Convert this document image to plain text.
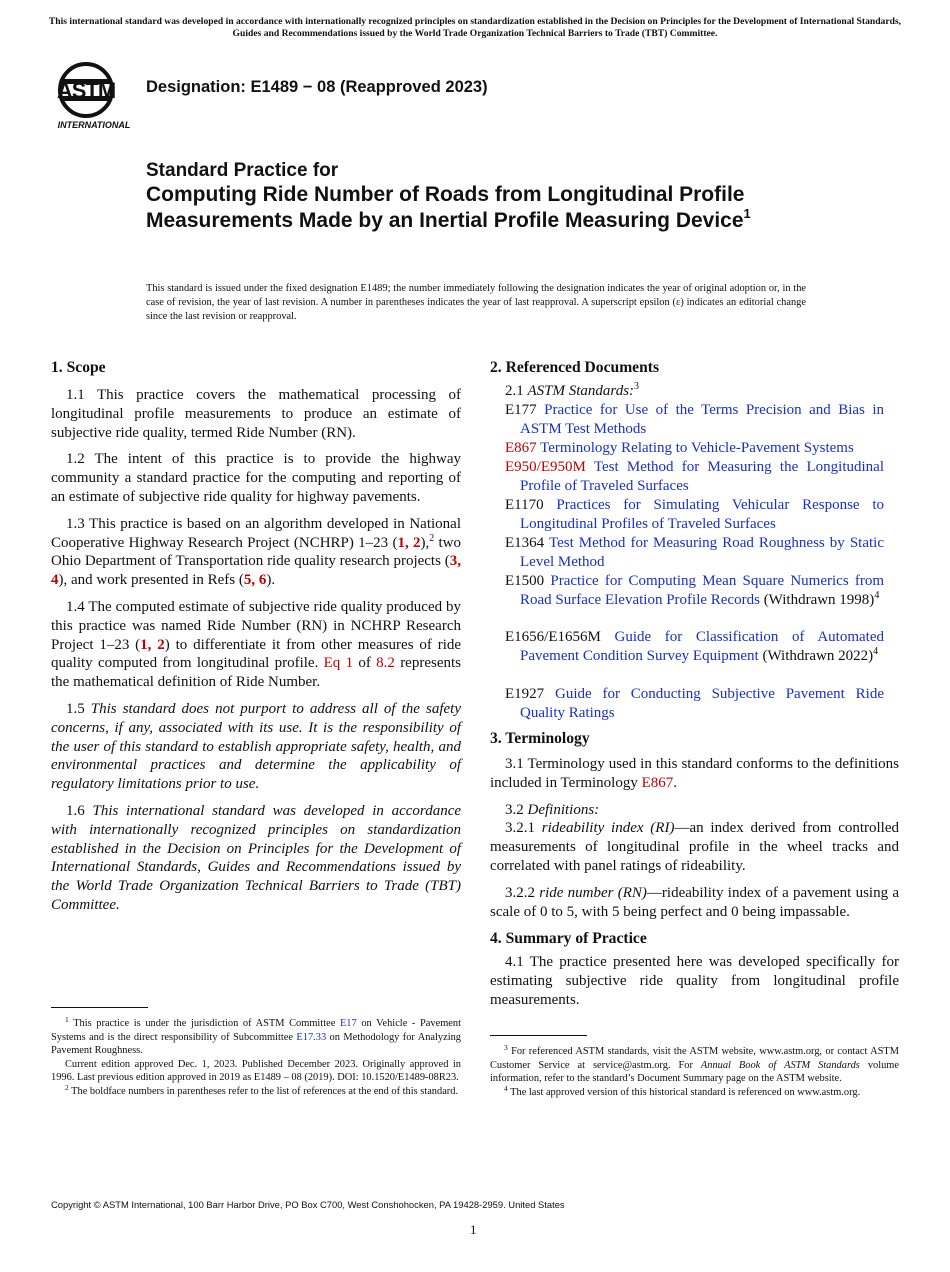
This international standard was developed in accordance with internationally recognized principles on standardization established in the Decision on Principles for the Development of International Standards, Guides and Recommendations issued by the World Trade Organization Technical Barriers to Trade (TBT) Committee.
ASTM
INTERNATIONAL
Designation: E1489 − 08 (Reapproved 2023)
Standard Practice for
Computing Ride Number of Roads from Longitudinal Profile Measurements Made by an Inertial Profile Measuring Device$^1$
This standard is issued under the fixed designation E1489; the number immediately following the designation indicates the year of original adoption or, in the case of revision, the year of last revision. A number in parentheses indicates the year of last reapproval. A superscript epsilon (ε) indicates an editorial change since the last revision or reapproval.
1. Scope

1.1 This practice covers the mathematical processing of longitudinal profile measurements to produce an estimate of subjective ride quality, termed Ride Number (RN).

1.2 The intent of this practice is to provide the highway community a standard practice for the computing and reporting of an estimate of subjective ride quality for highway pavements.

1.3 This practice is based on an algorithm developed in National Cooperative Highway Research Project (NCHRP) 1–23 (1, 2),$^2$ two Ohio Department of Transportation ride quality research projects (3, 4), and work presented in Refs (5, 6).

1.4 The computed estimate of subjective ride quality produced by this practice was named Ride Number (RN) in NCHRP Research Project 1–23 (1, 2) to differentiate it from other measures of ride quality computed from longitudinal profile. Eq 1 of 8.2 represents the mathematical definition of Ride Number.

1.5 This standard does not purport to address all of the safety concerns, if any, associated with its use. It is the responsibility of the user of this standard to establish appropriate safety, health, and environmental practices and determine the applicability of regulatory limitations prior to use.

1.6 This international standard was developed in accordance with internationally recognized principles on standardization established in the Decision on Principles for the Development of International Standards, Guides and Recommendations issued by the World Trade Organization Technical Barriers to Trade (TBT) Committee.

$^1$ This practice is under the jurisdiction of ASTM Committee E17 on Vehicle - Pavement Systems and is the direct responsibility of Subcommittee E17.33 on Methodology for Analyzing Pavement Roughness.

Current edition approved Dec. 1, 2023. Published December 2023. Originally approved in 1996. Last previous edition approved in 2019 as E1489 – 08 (2019). DOI: 10.1520/E1489-08R23.

$^2$ The boldface numbers in parentheses refer to the list of references at the end of this standard.

2. Referenced Documents
2.1 ASTM Standards:$^3$

E177 Practice for Use of the Terms Precision and Bias in ASTM Test Methods

E867 Terminology Relating to Vehicle-Pavement Systems

E950/E950M Test Method for Measuring the Longitudinal Profile of Traveled Surfaces

E1170 Practices for Simulating Vehicular Response to Longitudinal Profiles of Traveled Surfaces

E1364 Test Method for Measuring Road Roughness by Static Level Method

E1500 Practice for Computing Mean Square Numerics from Road Surface Elevation Profile Records (Withdrawn 1998)$^4$

E1656/E1656M Guide for Classification of Automated Pavement Condition Survey Equipment (Withdrawn 2022)$^4$

E1927 Guide for Conducting Subjective Pavement Ride Quality Ratings

3. Terminology

3.1 Terminology used in this standard conforms to the definitions included in Terminology E867.

3.2 Definitions:

3.2.1 rideability index (RI)—an index derived from controlled measurements of longitudinal profile in the wheel tracks and correlated with panel ratings of rideability.

3.2.2 ride number (RN)—rideability index of a pavement using a scale of 0 to 5, with 5 being perfect and 0 being impassable.

4. Summary of Practice

4.1 The practice presented here was developed specifically for estimating subjective ride quality from longitudinal profile measurements.

$^3$ For referenced ASTM standards, visit the ASTM website, www.astm.org, or contact ASTM Customer Service at service@astm.org. For Annual Book of ASTM Standards volume information, refer to the standard’s Document Summary page on the ASTM website.

$^4$ The last approved version of this historical standard is referenced on www.astm.org.

Copyright © ASTM International, 100 Barr Harbor Drive, PO Box C700, West Conshohocken, PA 19428-2959. United States
1
